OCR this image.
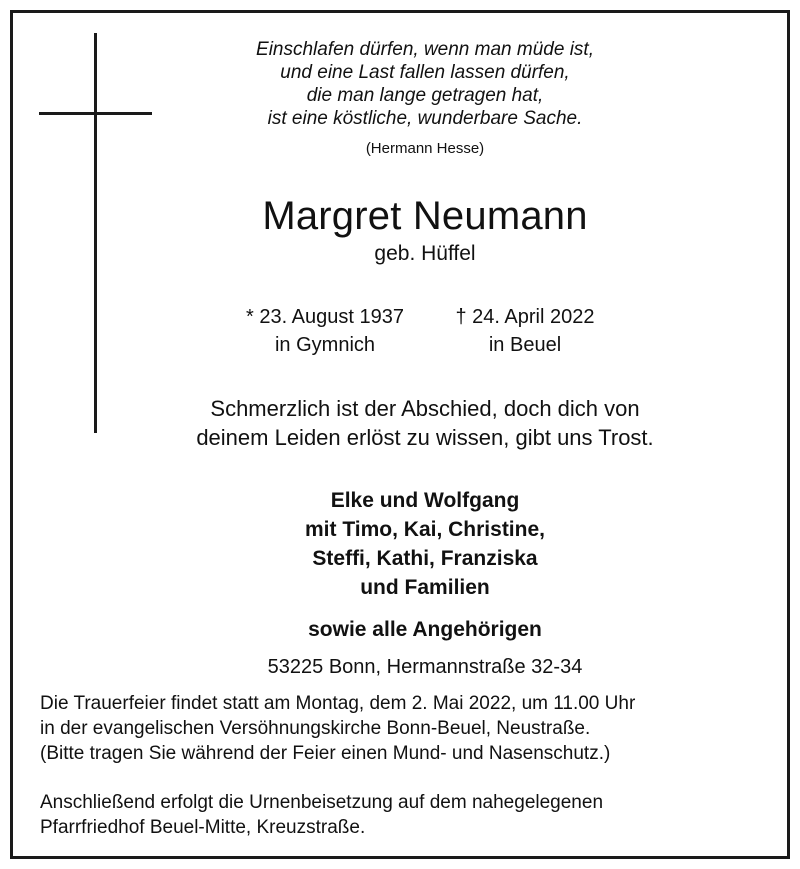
Einschlafen dürfen, wenn man müde ist,
und eine Last fallen lassen dürfen,
die man lange getragen hat,
ist eine köstliche, wunderbare Sache.
(Hermann Hesse)
Margret Neumann
geb. Hüffel
* 23. August 1937
in Gymnich
† 24. April 2022
in Beuel
Schmerzlich ist der Abschied, doch dich von
deinem Leiden erlöst zu wissen, gibt uns Trost.
Elke und Wolfgang
mit Timo, Kai, Christine,
Steffi, Kathi, Franziska
und Familien
sowie alle Angehörigen
53225 Bonn, Hermannstraße 32-34
Die Trauerfeier findet statt am Montag, dem 2. Mai 2022, um 11.00 Uhr
in der evangelischen Versöhnungskirche Bonn-Beuel, Neustraße.
(Bitte tragen Sie während der Feier einen Mund- und Nasenschutz.)
Anschließend erfolgt die Urnenbeisetzung auf dem nahegelegenen
Pfarrfriedhof Beuel-Mitte, Kreuzstraße.
